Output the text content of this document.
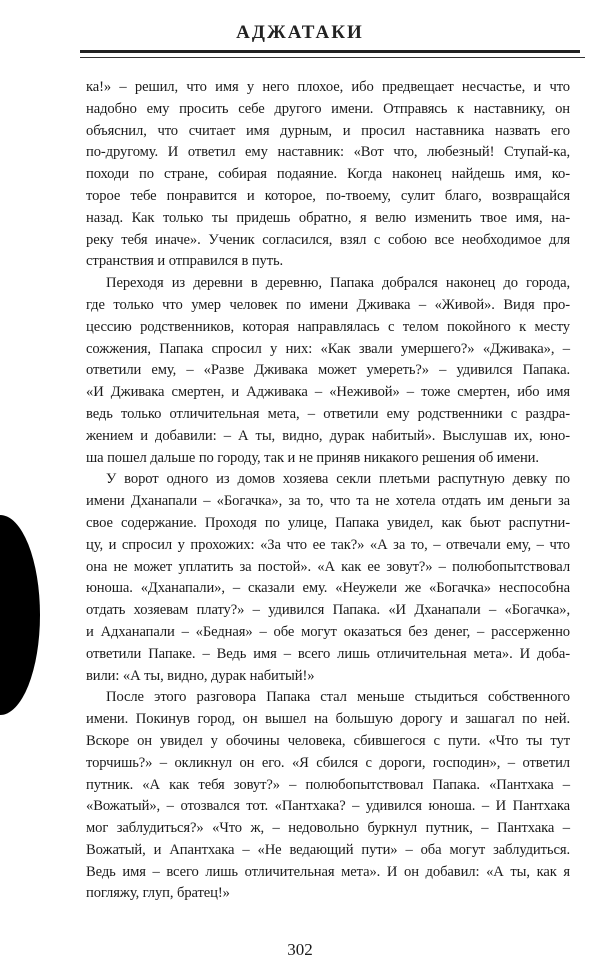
АДЖАТАКИ
ка!» – решил, что имя у него плохое, ибо предвещает несчастье, и что
надобно ему просить себе другого имени. Отправясь к наставнику, он
объяснил, что считает имя дурным, и просил наставника назвать его
по-другому. И ответил ему наставник: «Вот что, любезный! Ступай-ка,
походи по стране, собирая подаяние. Когда наконец найдешь имя, ко-
торое тебе понравится и которое, по-твоему, сулит благо, возвращайся
назад. Как только ты придешь обратно, я велю изменить твое имя, на-
реку тебя иначе». Ученик согласился, взял с собою все необходимое для
странствия и отправился в путь.
Переходя из деревни в деревню, Папака добрался наконец до города,
где только что умер человек по имени Дживака – «Живой». Видя про-
цессию родственников, которая направлялась с телом покойного к месту
сожжения, Папака спросил у них: «Как звали умершего?» «Дживака», –
ответили ему, – «Разве Дживака может умереть?» – удивился Папака.
«И Дживака смертен, и Адживака – «Неживой» – тоже смертен, ибо имя
ведь только отличительная мета, – ответили ему родственники с раздра-
жением и добавили: – А ты, видно, дурак набитый». Выслушав их, юно-
ша пошел дальше по городу, так и не приняв никакого решения об имени.
У ворот одного из домов хозяева секли плетьми распутную девку по
имени Дханапали – «Богачка», за то, что та не хотела отдать им деньги за
свое содержание. Проходя по улице, Папака увидел, как бьют распутни-
цу, и спросил у прохожих: «За что ее так?» «А за то, – отвечали ему, – что
она не может уплатить за постой». «А как ее зовут?» – полюбопытствовал
юноша. «Дханапали», – сказали ему. «Неужели же «Богачка» неспособна
отдать хозяевам плату?» – удивился Папака. «И Дханапали – «Богачка»,
и Адханапали – «Бедная» – обе могут оказаться без денег, – рассерженно
ответили Папаке. – Ведь имя – всего лишь отличительная мета». И доба-
вили: «А ты, видно, дурак набитый!»
После этого разговора Папака стал меньше стыдиться собственного
имени. Покинув город, он вышел на большую дорогу и зашагал по ней.
Вскоре он увидел у обочины человека, сбившегося с пути. «Что ты тут
торчишь?» – окликнул он его. «Я сбился с дороги, господин», – ответил
путник. «А как тебя зовут?» – полюбопытствовал Папака. «Пантхака –
«Вожатый», – отозвался тот. «Пантхака? – удивился юноша. – И Пантхака
мог заблудиться?» «Что ж, – недовольно буркнул путник, – Пантхака –
Вожатый, и Апантхака – «Не ведающий пути» – оба могут заблудиться.
Ведь имя – всего лишь отличительная мета». И он добавил: «А ты, как я
погляжу, глуп, братец!»
302
